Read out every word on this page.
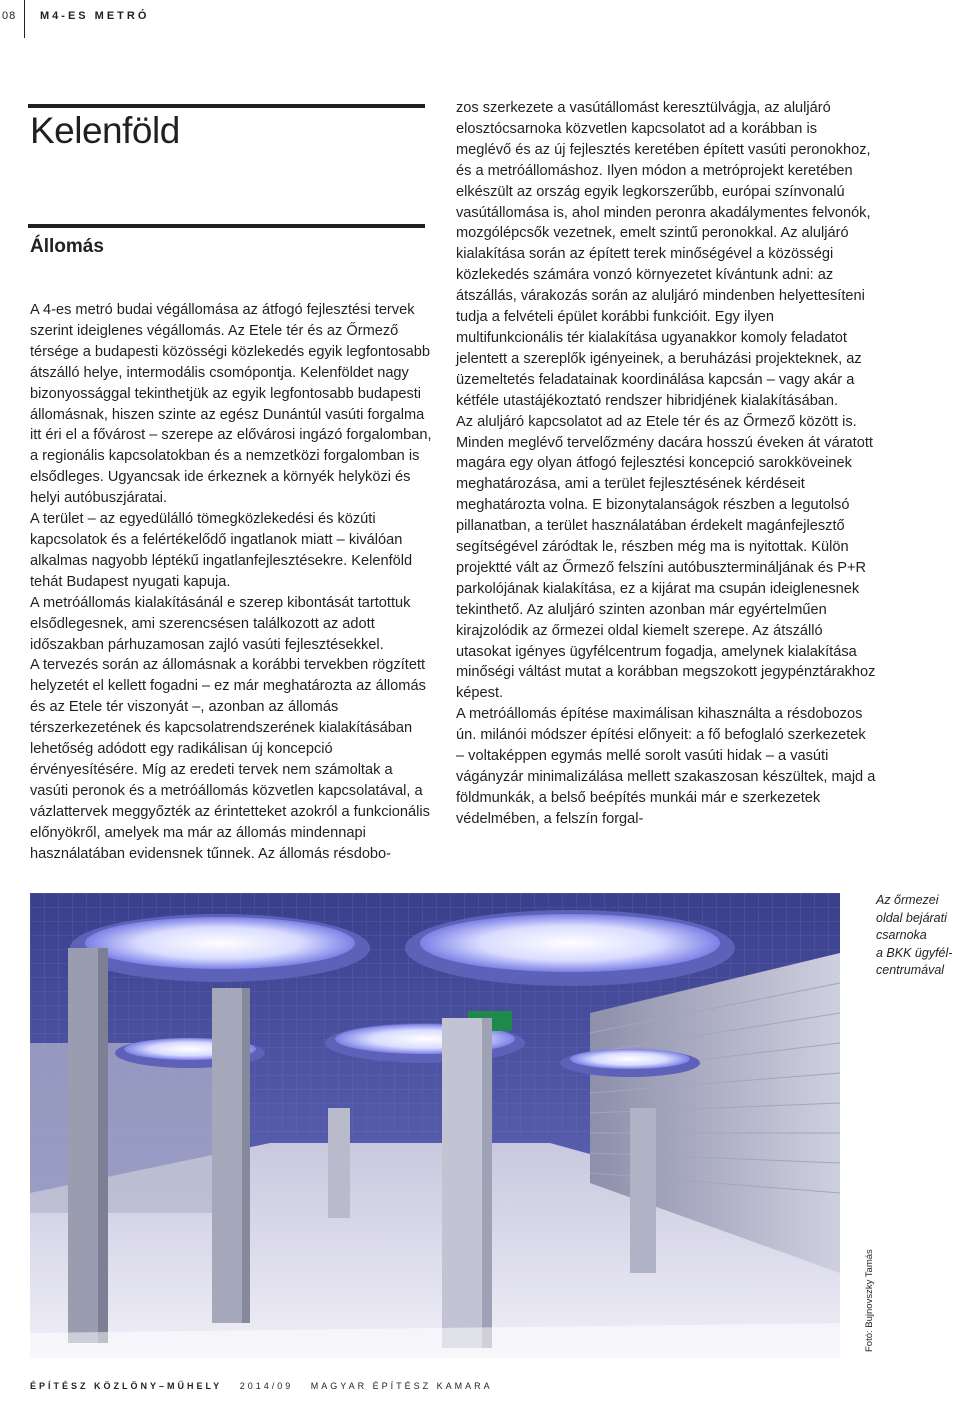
08 M4-ES METRÓ
Kelenföld
Állomás

A 4-es metró budai végállomása az átfogó fejlesztési tervek szerint ideiglenes végállomás. Az Etele tér és az Őrmező térsége a budapesti közösségi közlekedés egyik legfontosabb átszálló helye, intermodális csomópontja. Kelenföldet nagy bizonyossággal tekinthetjük az egyik legfontosabb budapesti állomásnak, hiszen szinte az egész Dunántúl vasúti forgalma itt éri el a fővárost – szerepe az elővárosi ingázó forgalomban, a regionális kapcsolatokban és a nemzetközi forgalomban is elsődleges. Ugyancsak ide érkeznek a környék helyközi és helyi autóbuszjáratai.

A terület – az egyedülálló tömegközlekedési és közúti kapcsolatok és a felértékelődő ingatlanok miatt – kiválóan alkalmas nagyobb léptékű ingatlanfejlesztésekre. Kelenföld tehát Budapest nyugati kapuja.

A metróállomás kialakításánál e szerep kibontását tartottuk elsődlegesnek, ami szerencsésen találkozott az adott időszakban párhuzamosan zajló vasúti fejlesztésekkel.

A tervezés során az állomásnak a korábbi tervekben rögzített helyzetét el kellett fogadni – ez már meghatározta az állomás és az Etele tér viszonyát –, azonban az állomás térszerkezetének és kapcsolatrendszerének kialakításában lehetőség adódott egy radikálisan új koncepció érvényesítésére. Míg az eredeti tervek nem számoltak a vasúti peronok és a metróállomás közvetlen kapcsolatával, a vázlattervek meggyőzték az érintetteket azokról a funkcionális előnyökről, amelyek ma már az állomás mindennapi használatában evidensnek tűnnek. Az állomás résdobo-

zos szerkezete a vasútállomást keresztülvágja, az aluljáró elosztócsarnoka közvetlen kapcsolatot ad a korábban is meglévő és az új fejlesztés keretében épített vasúti peronokhoz, és a metróállomáshoz. Ilyen módon a metróprojekt keretében elkészült az ország egyik legkorszerűbb, európai színvonalú vasútállomása is, ahol minden peronra akadálymentes felvonók, mozgólépcsők vezetnek, emelt szintű peronokkal. Az aluljáró kialakítása során az épített terek minőségével a közösségi közlekedés számára vonzó környezetet kívántunk adni: az átszállás, várakozás során az aluljáró mindenben helyettesíteni tudja a felvételi épület korábbi funkcióit. Egy ilyen multifunkcionális tér kialakítása ugyanakkor komoly feladatot jelentett a szereplők igényeinek, a beruházási projekteknek, az üzemeltetés feladatainak koordinálása kapcsán – vagy akár a kétféle utastájékoztató rendszer hibridjének kialakításában.

Az aluljáró kapcsolatot ad az Etele tér és az Őrmező között is. Minden meglévő tervelőzmény dacára hosszú éveken át váratott magára egy olyan átfogó fejlesztési koncepció sarokköveinek meghatározása, ami a terület fejlesztésének kérdéseit meghatározta volna. E bizonytalanságok részben a legutolsó pillanatban, a terület használatában érdekelt magánfejlesztő segítségével záródtak le, részben még ma is nyitottak. Külön projektté vált az Őrmező felszíni autóbusztermináljának és P+R parkolójának kialakítása, ez a kijárat ma csupán ideiglenesnek tekinthető. Az aluljáró szinten azonban már egyértelműen kirajzolódik az őrmezei oldal kiemelt szerepe. Az átszálló utasokat igényes ügyfélcentrum fogadja, amelynek kialakítása minőségi váltást mutat a korábban megszokott jegypénztárakhoz képest.

A metróállomás építése maximálisan kihasználta a résdobozos ún. milánói módszer építési előnyeit: a fő befoglaló szerkezetek – voltaképpen egymás mellé sorolt vasúti hidak – a vasúti vágányzár minimalizálása mellett szakaszosan készültek, majd a földmunkák, a belső beépítés munkái már e szerkezetek védelmében, a felszín forgal-

Az őrmezei
oldal bejárati
csarnoka
a BKK ügyfél-
centrumával
Fotó: Bujnovszky Tamás
ÉPÍTÉSZ KÖZLÖNY–MŰHELY 2014/09 MAGYAR ÉPÍTÉSZ KAMARA
